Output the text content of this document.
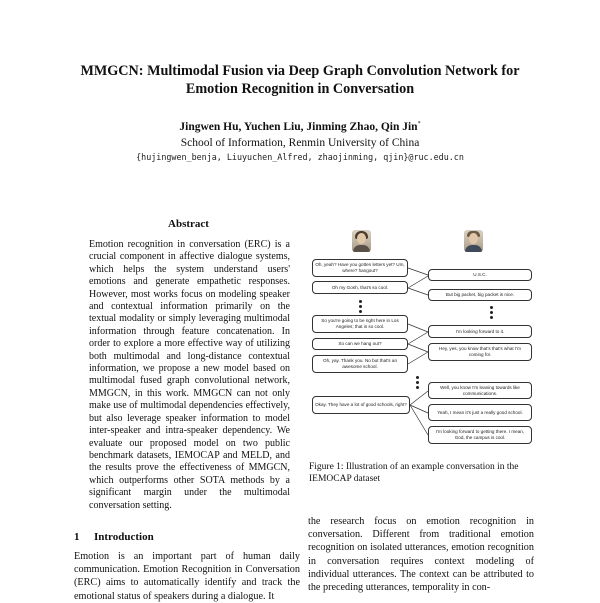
MMGCN: Multimodal Fusion via Deep Graph Convolution Network for
Emotion Recognition in Conversation
Jingwen Hu, Yuchen Liu, Jinming Zhao, Qin Jin*
School of Information, Renmin University of China
{hujingwen_benja, Liuyuchen_Alfred, zhaojinming, qjin}@ruc.edu.cn
Abstract
Emotion recognition in conversation (ERC) is a crucial component in affective dialogue systems, which helps the system understand users' emotions and generate empathetic responses. However, most works focus on modeling speaker and contextual information primarily on the textual modality or simply leveraging multimodal information through feature concatenation. In order to explore a more effective way of utilizing both multimodal and long-distance contextual information, we propose a new model based on multimodal fused graph convolutional network, MMGCN, in this work. MMGCN can not only make use of multimodal dependencies effectively, but also leverage speaker information to model inter-speaker and intra-speaker dependency. We evaluate our proposed model on two public benchmark datasets, IEMOCAP and MELD, and the results prove the effectiveness of MMGCN, which outperforms other SOTA methods by a significant margin under the multimodal conversation setting.
1 Introduction
Emotion is an important part of human daily communication. Emotion Recognition in Conversation (ERC) aims to automatically identify and track the emotional status of speakers during a dialogue. It
Oh, yeah? Have you gotten letters yet? Um, where? hangout?
Oh my Gosh, that's so cool.
So you're going to be right here in Los Angeles; that is so cool.
So can we hang out?
Oh, yay. Thank you. No but that's an awesome school.
Okay. They have a lot of good schools, right?
U.S.C.
But big packet, big packet is nice.
I'm looking forward to it.
Hey, yes, you know that's that's what I'm coming for.
Well, you know I'm leaning towards like communications.
Yeah, I mean it's just a really good school.
I'm looking forward to getting there. I mean, God, the campus is cool.
Figure 1: Illustration of an example conversation in the IEMOCAP dataset
the research focus on emotion recognition in conversation. Different from traditional emotion recognition on isolated utterances, emotion recognition in conversation requires context modeling of individual utterances. The context can be attributed to the preceding utterances, temporality in con-
